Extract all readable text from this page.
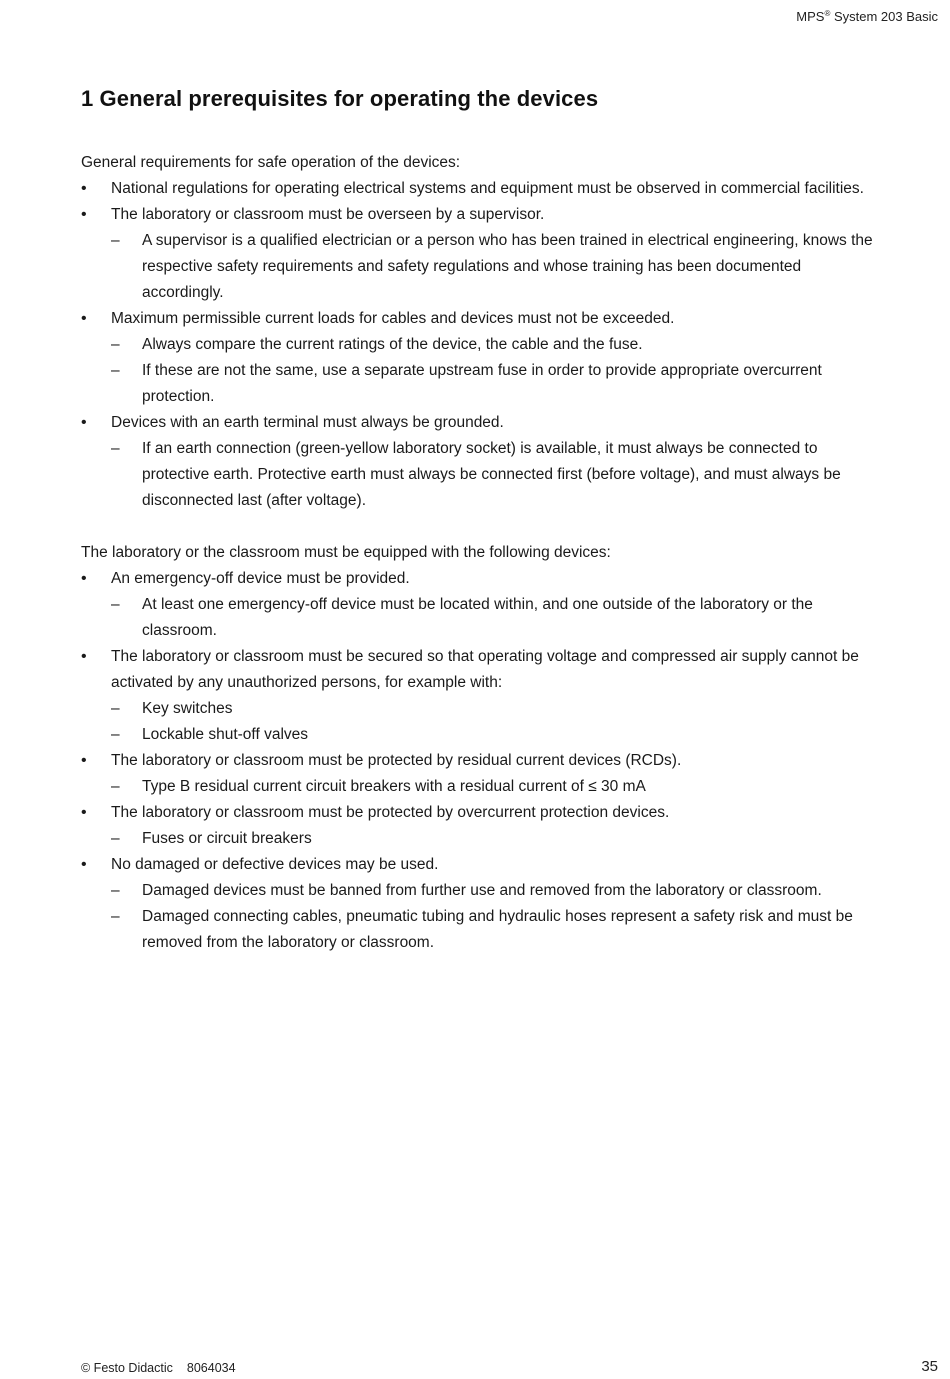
MPS® System 203 Basic
1 General prerequisites for operating the devices

General requirements for safe operation of the devices:

• National regulations for operating electrical systems and equipment must be observed in commercial facilities.
• The laboratory or classroom must be overseen by a supervisor.
– A supervisor is a qualified electrician or a person who has been trained in electrical engineering, knows the respective safety requirements and safety regulations and whose training has been documented accordingly.
• Maximum permissible current loads for cables and devices must not be exceeded.
– Always compare the current ratings of the device, the cable and the fuse.
– If these are not the same, use a separate upstream fuse in order to provide appropriate overcurrent protection.
• Devices with an earth terminal must always be grounded.
– If an earth connection (green-yellow laboratory socket) is available, it must always be connected to protective earth. Protective earth must always be connected first (before voltage), and must always be disconnected last (after voltage).

The laboratory or the classroom must be equipped with the following devices:

• An emergency-off device must be provided.
– At least one emergency-off device must be located within, and one outside of the laboratory or the classroom.
• The laboratory or classroom must be secured so that operating voltage and compressed air supply cannot be activated by any unauthorized persons, for example with:
– Key switches
– Lockable shut-off valves
• The laboratory or classroom must be protected by residual current devices (RCDs).
– Type B residual current circuit breakers with a residual current of ≤ 30 mA
• The laboratory or classroom must be protected by overcurrent protection devices.
– Fuses or circuit breakers
• No damaged or defective devices may be used.
– Damaged devices must be banned from further use and removed from the laboratory or classroom.
– Damaged connecting cables, pneumatic tubing and hydraulic hoses represent a safety risk and must be removed from the laboratory or classroom.
© Festo Didactic 8064034	35
